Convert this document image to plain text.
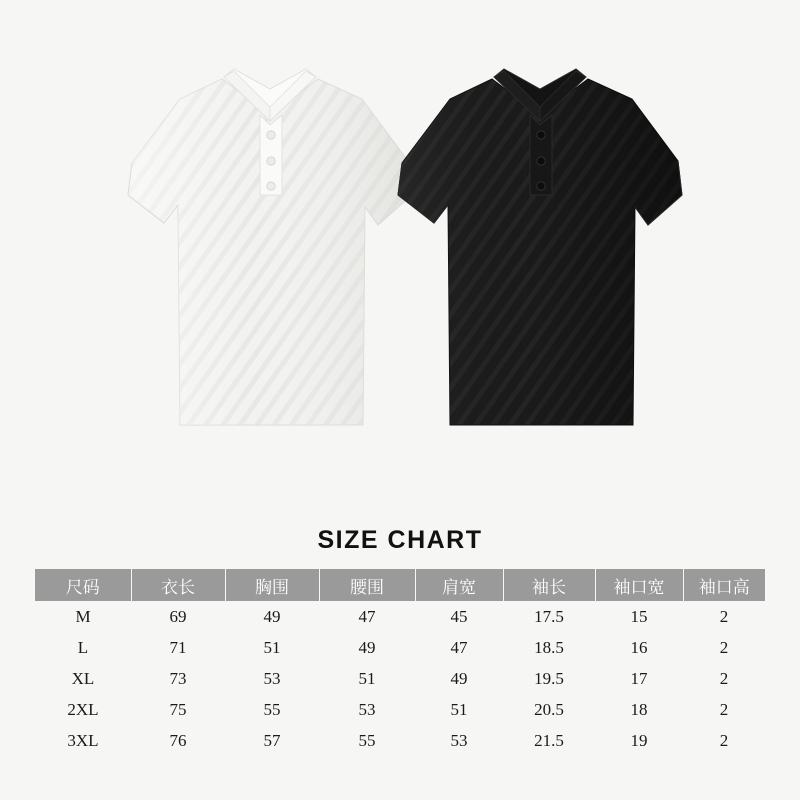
SIZE CHART
尺码	衣长	胸围	腰围	肩宽	袖长	袖口宽	袖口高
M	69	49	47	45	17.5	15	2
L	71	51	49	47	18.5	16	2
XL	73	53	51	49	19.5	17	2
2XL	75	55	53	51	20.5	18	2
3XL	76	57	55	53	21.5	19	2
